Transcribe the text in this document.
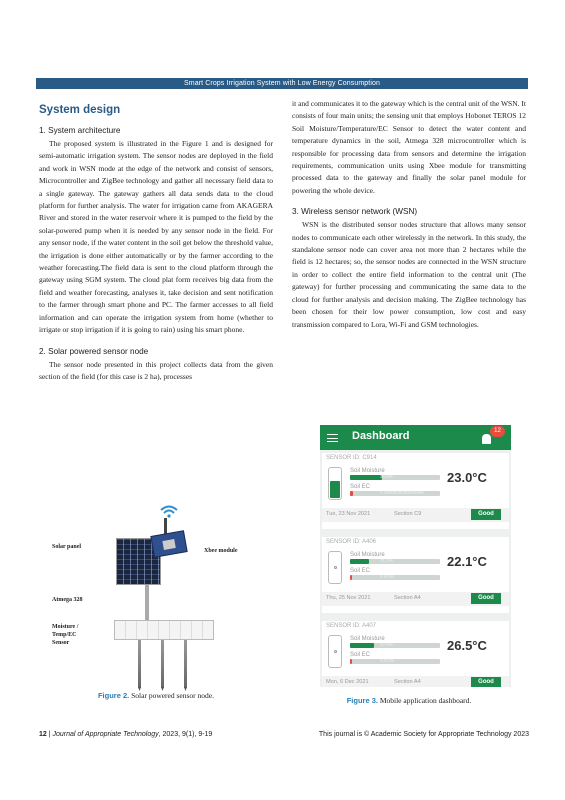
Smart Crops Irrigation System with Low Energy Consumption
System design
1. System architecture

The proposed system is illustrated in the Figure 1 and is designed for semi-automatic irrigation system. The sensor nodes are deployed in the field and work in WSN mode at the edge of the network and consist of sensors, Microcontroller and ZigBee technology and gather all necessary field data to a single gateway. The gateway gathers all data sends data to the cloud platform for further analysis. The water for irrigation came from AKAGERA River and stored in the water reservoir where it is pumped to the field by the solar-powered pump when it is needed by any sensor node in the field. For any sensor node, if the water content in the soil get below the threshold value, the irrigation is done either automatically or by the farmer according to the weather forecasting.The field data is sent to the cloud platform through the gateway using SGM system. The cloud plat form receives big data from the field and weather forecasting, analyses it, take decision and sent notification to the farmer through smart phone and PC. The farmer accesses to all field information and can operate the irrigation system from home (whether to irrigate or stop irrigation if it is going to rain) using his smart phone.

2. Solar powered sensor node

The sensor node presented in this project collects data from the given section of the field (for this case is 2 ha), processes

it and communicates it to the gateway which is the central unit of the WSN. It consists of four main units; the sensing unit that employs Hobonet TEROS 12 Soil Moisture/Temperature/EC Sensor to detect the water content and temperature dynamics in the soil, Atmega 328 microcontroller which is responsible for processing data from sensors and determine the irrigation requirements, communication units using Xbee module for transmitting processed data to the gateway and finally the solar panel module for powering the whole device.

3. Wireless sensor network (WSN)

WSN is the distributed sensor nodes structure that allows many sensor nodes to communicate each other wirelessly in the network. In this study, the standalone sensor node can cover area not more than 2 hectares while the field is 12 hectares; so, the sensor nodes are connected in the WSN structure in order to collect the entire field information to the central unit (The gateway) for further processing and communicating the same data to the cloud for further analysis and decision making. The ZigBee technology has been chosen for their low power consumption, low cost and easy transmission compared to Lora, Wi-Fi and GSM technologies.

Solar panel
Xbee module
Atmega 328
Moisture /
Temp/EC
Sensor
Figure 2. Solar powered sensor node.
Dashboard	12
SENSOR ID: C914
Soil Moisture
36.5%
Soil EC
2.1000000000000000
23.0°C
Tue, 23 Nov 2021	Section C9	Good
SENSOR ID: A406
Soil Moisture
21.2%
Soil EC
3.5745
22.1°C
Thu, 25 Nov 2021	Section A4	Good
SENSOR ID: A407
Soil Moisture
27.6%
Soil EC
3.3745
26.5°C
Mon, 6 Dec 2021	Section A4	Good
Figure 3. Mobile application dashboard.
12 | Journal of Appropriate Technology, 2023, 9(1), 9-19	This journal is © Academic Society for Appropriate Technology 2023
